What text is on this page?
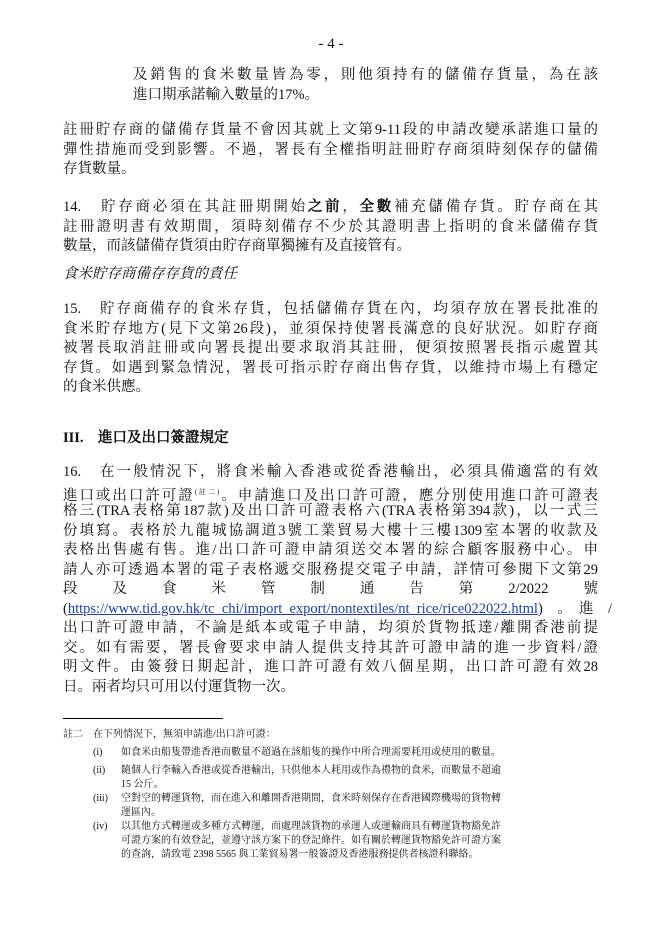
- 4 -
及銷售的食米數量皆為零，則他須持有的儲備存貨量，為在該
進口期承諾輸入數量的17%。
註冊貯存商的儲備存貨量不會因其就上文第9-11段的申請改變承諾進口量的
彈性措施而受到影響。不過，署長有全權指明註冊貯存商須時刻保存的儲備
存貨數量。
14.　貯存商必須在其註冊期開始之前，全數補充儲備存貨。貯存商在其
註冊證明書有效期間，須時刻備存不少於其證明書上指明的食米儲備存貨
數量，而該儲備存貨須由貯存商單獨擁有及直接管有。
食米貯存商備存存貨的責任
15.　貯存商備存的食米存貨，包括儲備存貨在內，均須存放在署長批准的
食米貯存地方(見下文第26段)，並須保持使署長滿意的良好狀況。如貯存商
被署長取消註冊或向署長提出要求取消其註冊，便須按照署長指示處置其
存貨。如遇到緊急情況，署長可指示貯存商出售存貨，以維持市場上有穩定
的食米供應。
III.　進口及出口簽證規定
16.　在一般情況下，將食米輸入香港或從香港輸出，必須具備適當的有效
進口或出口許可證$^{(註二)}$。申請進口及出口許可證，應分別使用進口許可證表
格三(TRA表格第187款)及出口許可證表格六(TRA表格第394款)，以一式三
份填寫。表格於九龍城協調道3號工業貿易大樓十三樓1309室本署的收款及
表格出售處有售。進/出口許可證申請須送交本署的綜合顧客服務中心。申
請人亦可透過本署的電子表格遞交服務提交電子申請，詳情可參閱下文第29
段　及　食　米　管　制　通　告　第　2/2022　號
(https://www.tid.gov.hk/tc_chi/import_export/nontextiles/nt_rice/rice022022.html)　。　進　/
出口許可證申請，不論是紙本或電子申請，均須於貨物抵達/離開香港前提
交。如有需要，署長會要求申請人提供支持其許可證申請的進一步資料/證
明文件。由簽發日期起計，進口許可證有效八個星期，出口許可證有效28
日。兩者均只可用以付運貨物一次。
註二 在下列情況下，無須申請進/出口許可證：
(i) 如食米由船隻帶進香港而數量不超過在該船隻的操作中所合理需要耗用或使用的數量。
(ii) 隨個人行李輸入香港或從香港輸出，只供他本人耗用或作為禮物的食米，而數量不超逾
15 公斤。
(iii) 空對空的轉運貨物，而在進入和離開香港期間，食米時刻保存在香港國際機場的貨物轉
運區內。
(iv) 以其他方式轉運或多種方式轉運，而處理該貨物的承運人或運輸商具有轉運貨物豁免許
可證方案的有效登記，並遵守該方案下的登記條件。如有關於轉運貨物豁免許可證方案
的查詢，請致電 2398 5565 與工業貿易署一般簽證及香港服務提供者核證科聯絡。
